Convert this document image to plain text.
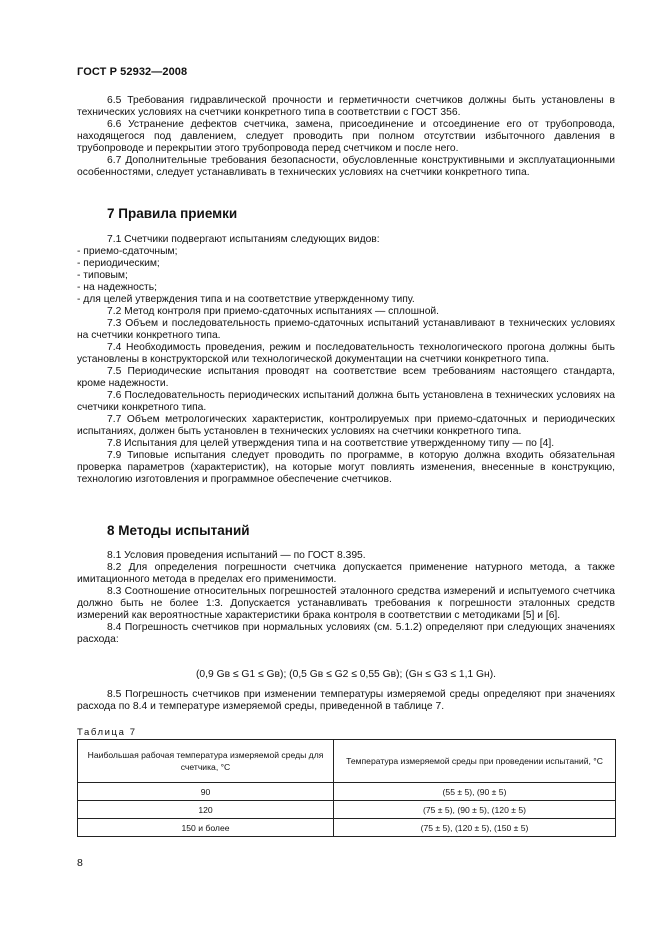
ГОСТ Р 52932—2008

6.5 Требования гидравлической прочности и герметичности счетчиков должны быть установлены в технических условиях на счетчики конкретного типа в соответствии с ГОСТ 356.

6.6 Устранение дефектов счетчика, замена, присоединение и отсоединение его от трубопровода, находящегося под давлением, следует проводить при полном отсутствии избыточного давления в трубопроводе и перекрытии этого трубопровода перед счетчиком и после него.

6.7 Дополнительные требования безопасности, обусловленные конструктивными и эксплуатационными особенностями, следует устанавливать в технических условиях на счетчики конкретного типа.

7 Правила приемки

7.1 Счетчики подвергают испытаниям следующих видов:

- приемо-сдаточным;

- периодическим;

- типовым;

- на надежность;

- для целей утверждения типа и на соответствие утвержденному типу.

7.2 Метод контроля при приемо-сдаточных испытаниях — сплошной.

7.3 Объем и последовательность приемо-сдаточных испытаний устанавливают в технических условиях на счетчики конкретного типа.

7.4 Необходимость проведения, режим и последовательность технологического прогона должны быть установлены в конструкторской или технологической документации на счетчики конкретного типа.

7.5 Периодические испытания проводят на соответствие всем требованиям настоящего стандарта, кроме надежности.

7.6 Последовательность периодических испытаний должна быть установлена в технических условиях на счетчики конкретного типа.

7.7 Объем метрологических характеристик, контролируемых при приемо-сдаточных и периодических испытаниях, должен быть установлен в технических условиях на счетчики конкретного типа.

7.8 Испытания для целей утверждения типа и на соответствие утвержденному типу — по [4].

7.9 Типовые испытания следует проводить по программе, в которую должна входить обязательная проверка параметров (характеристик), на которые могут повлиять изменения, внесенные в конструкцию, технологию изготовления и программное обеспечение счетчиков.

8 Методы испытаний

8.1 Условия проведения испытаний — по ГОСТ 8.395.

8.2 Для определения погрешности счетчика допускается применение натурного метода, а также имитационного метода в пределах его применимости.

8.3 Соотношение относительных погрешностей эталонного средства измерений и испытуемого счетчика должно быть не более 1:3. Допускается устанавливать требования к погрешности эталонных средств измерений как вероятностные характеристики брака контроля в соответствии с методиками [5] и [6].

8.4 Погрешность счетчиков при нормальных условиях (см. 5.1.2) определяют при следующих значениях расхода:

(0,9 Gв ≤ G1 ≤ Gв); (0,5 Gв ≤ G2 ≤ 0,55 Gв); (Gн ≤ G3 ≤ 1,1 Gн).

8.5 Погрешность счетчиков при изменении температуры измеряемой среды определяют при значениях расхода по 8.4 и температуре измеряемой среды, приведенной в таблице 7.

Таблица 7
Наибольшая рабочая температура измеряемой среды для счетчика, °С	Температура измеряемой среды при проведении испытаний, °С
90	(55 ± 5), (90 ± 5)
120	(75 ± 5), (90 ± 5), (120 ± 5)
150 и более	(75 ± 5), (120 ± 5), (150 ± 5)
8
